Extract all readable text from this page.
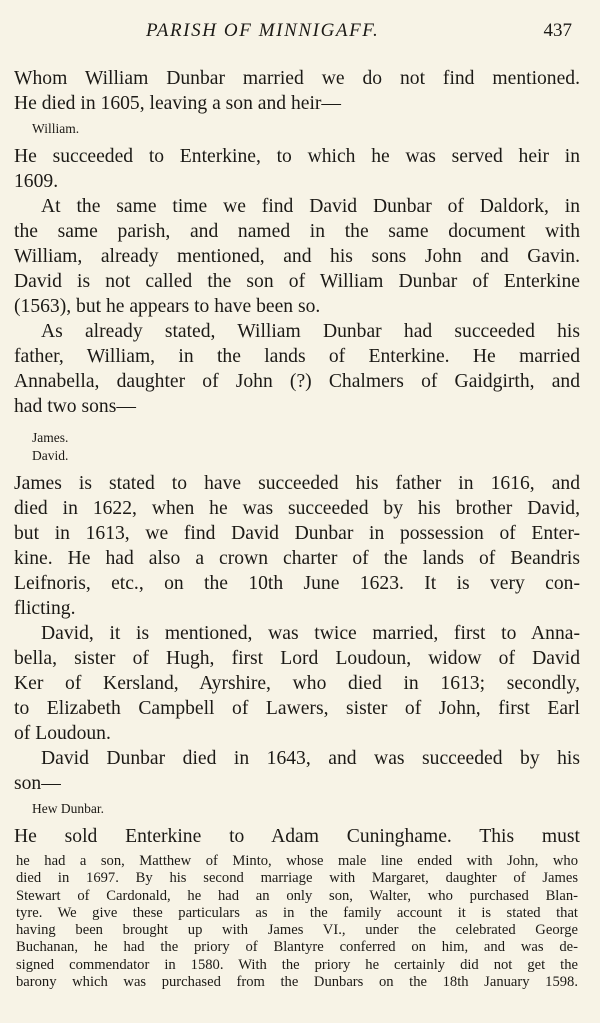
PARISH OF MINNIGAFF.	437
Whom William Dunbar married we do not find mentioned.
He died in 1605, leaving a son and heir—
William.
He succeeded to Enterkine, to which he was served heir in
1609.
At the same time we find David Dunbar of Daldork, in
the same parish, and named in the same document with
William, already mentioned, and his sons John and Gavin.
David is not called the son of William Dunbar of Enterkine
(1563), but he appears to have been so.
As already stated, William Dunbar had succeeded his
father, William, in the lands of Enterkine. He married
Annabella, daughter of John (?) Chalmers of Gaidgirth, and
had two sons—
James.
David.
James is stated to have succeeded his father in 1616, and
died in 1622, when he was succeeded by his brother David,
but in 1613, we find David Dunbar in possession of Enter-
kine. He had also a crown charter of the lands of Beandris
Leifnoris, etc., on the 10th June 1623. It is very con-
flicting.
David, it is mentioned, was twice married, first to Anna-
bella, sister of Hugh, first Lord Loudoun, widow of David
Ker of Kersland, Ayrshire, who died in 1613; secondly,
to Elizabeth Campbell of Lawers, sister of John, first Earl
of Loudoun.
David Dunbar died in 1643, and was succeeded by his
son—
Hew Dunbar.
He sold Enterkine to Adam Cuninghame. This must
he had a son, Matthew of Minto, whose male line ended with John, who
died in 1697. By his second marriage with Margaret, daughter of James
Stewart of Cardonald, he had an only son, Walter, who purchased Blan-
tyre. We give these particulars as in the family account it is stated that
having been brought up with James VI., under the celebrated George
Buchanan, he had the priory of Blantyre conferred on him, and was de-
signed commendator in 1580. With the priory he certainly did not get the
barony which was purchased from the Dunbars on the 18th January 1598.
